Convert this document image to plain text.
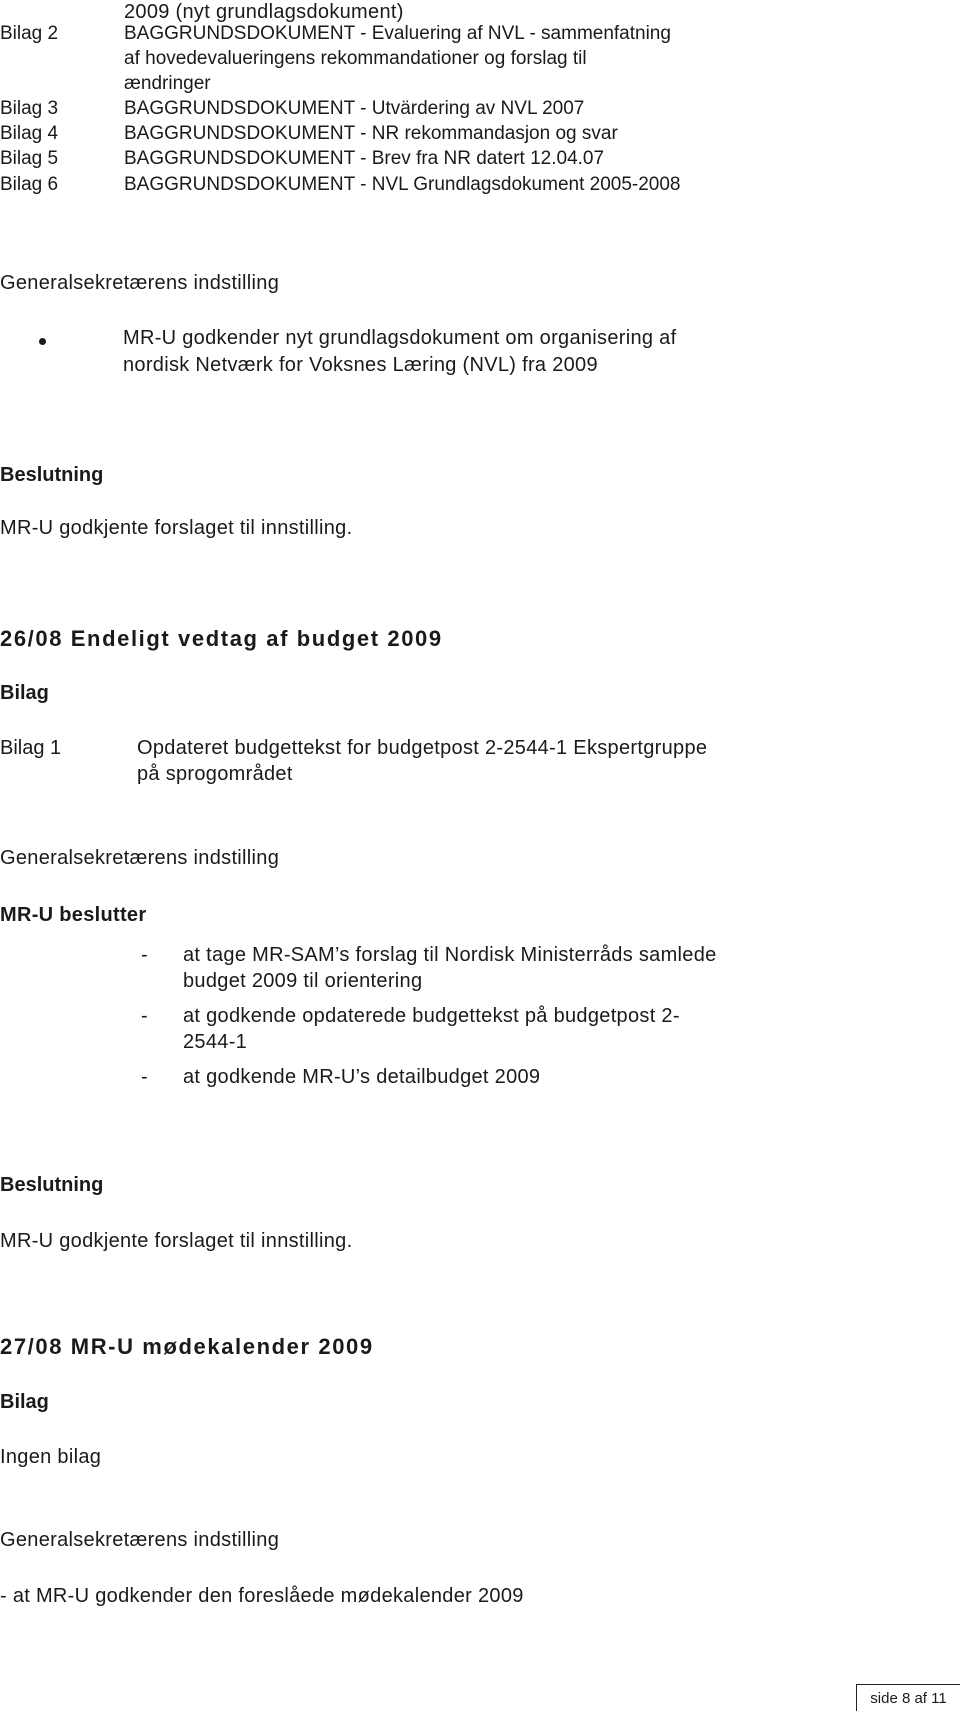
2009 (nyt grundlagsdokument)
Bilag 2	BAGGRUNDSDOKUMENT - Evaluering af NVL - sammenfatning
af hovedevalueringens rekommandationer og forslag til
ændringer
Bilag 3	BAGGRUNDSDOKUMENT - Utvärdering av NVL 2007
Bilag 4	BAGGRUNDSDOKUMENT - NR rekommandasjon og svar
Bilag 5	BAGGRUNDSDOKUMENT - Brev fra NR datert 12.04.07
Bilag 6	BAGGRUNDSDOKUMENT - NVL Grundlagsdokument 2005-2008
Generalsekretærens indstilling
MR-U godkender nyt grundlagsdokument om organisering af
nordisk Netværk for Voksnes Læring (NVL) fra 2009
Beslutning
MR-U godkjente forslaget til innstilling.
26/08 Endeligt vedtag af budget 2009
Bilag
Bilag 1	Opdateret budgettekst for budgetpost 2-2544-1 Ekspertgruppe
på sprogområdet
Generalsekretærens indstilling
MR-U beslutter
- at tage MR-SAM’s forslag til Nordisk Ministerråds samlede
budget 2009 til orientering
- at godkende opdaterede budgettekst på budgetpost 2-
2544-1
- at godkende MR-U’s detailbudget 2009
Beslutning
MR-U godkjente forslaget til innstilling.
27/08 MR-U mødekalender 2009
Bilag
Ingen bilag
Generalsekretærens indstilling
- at MR-U godkender den foreslåede mødekalender 2009
side 8 af 11
